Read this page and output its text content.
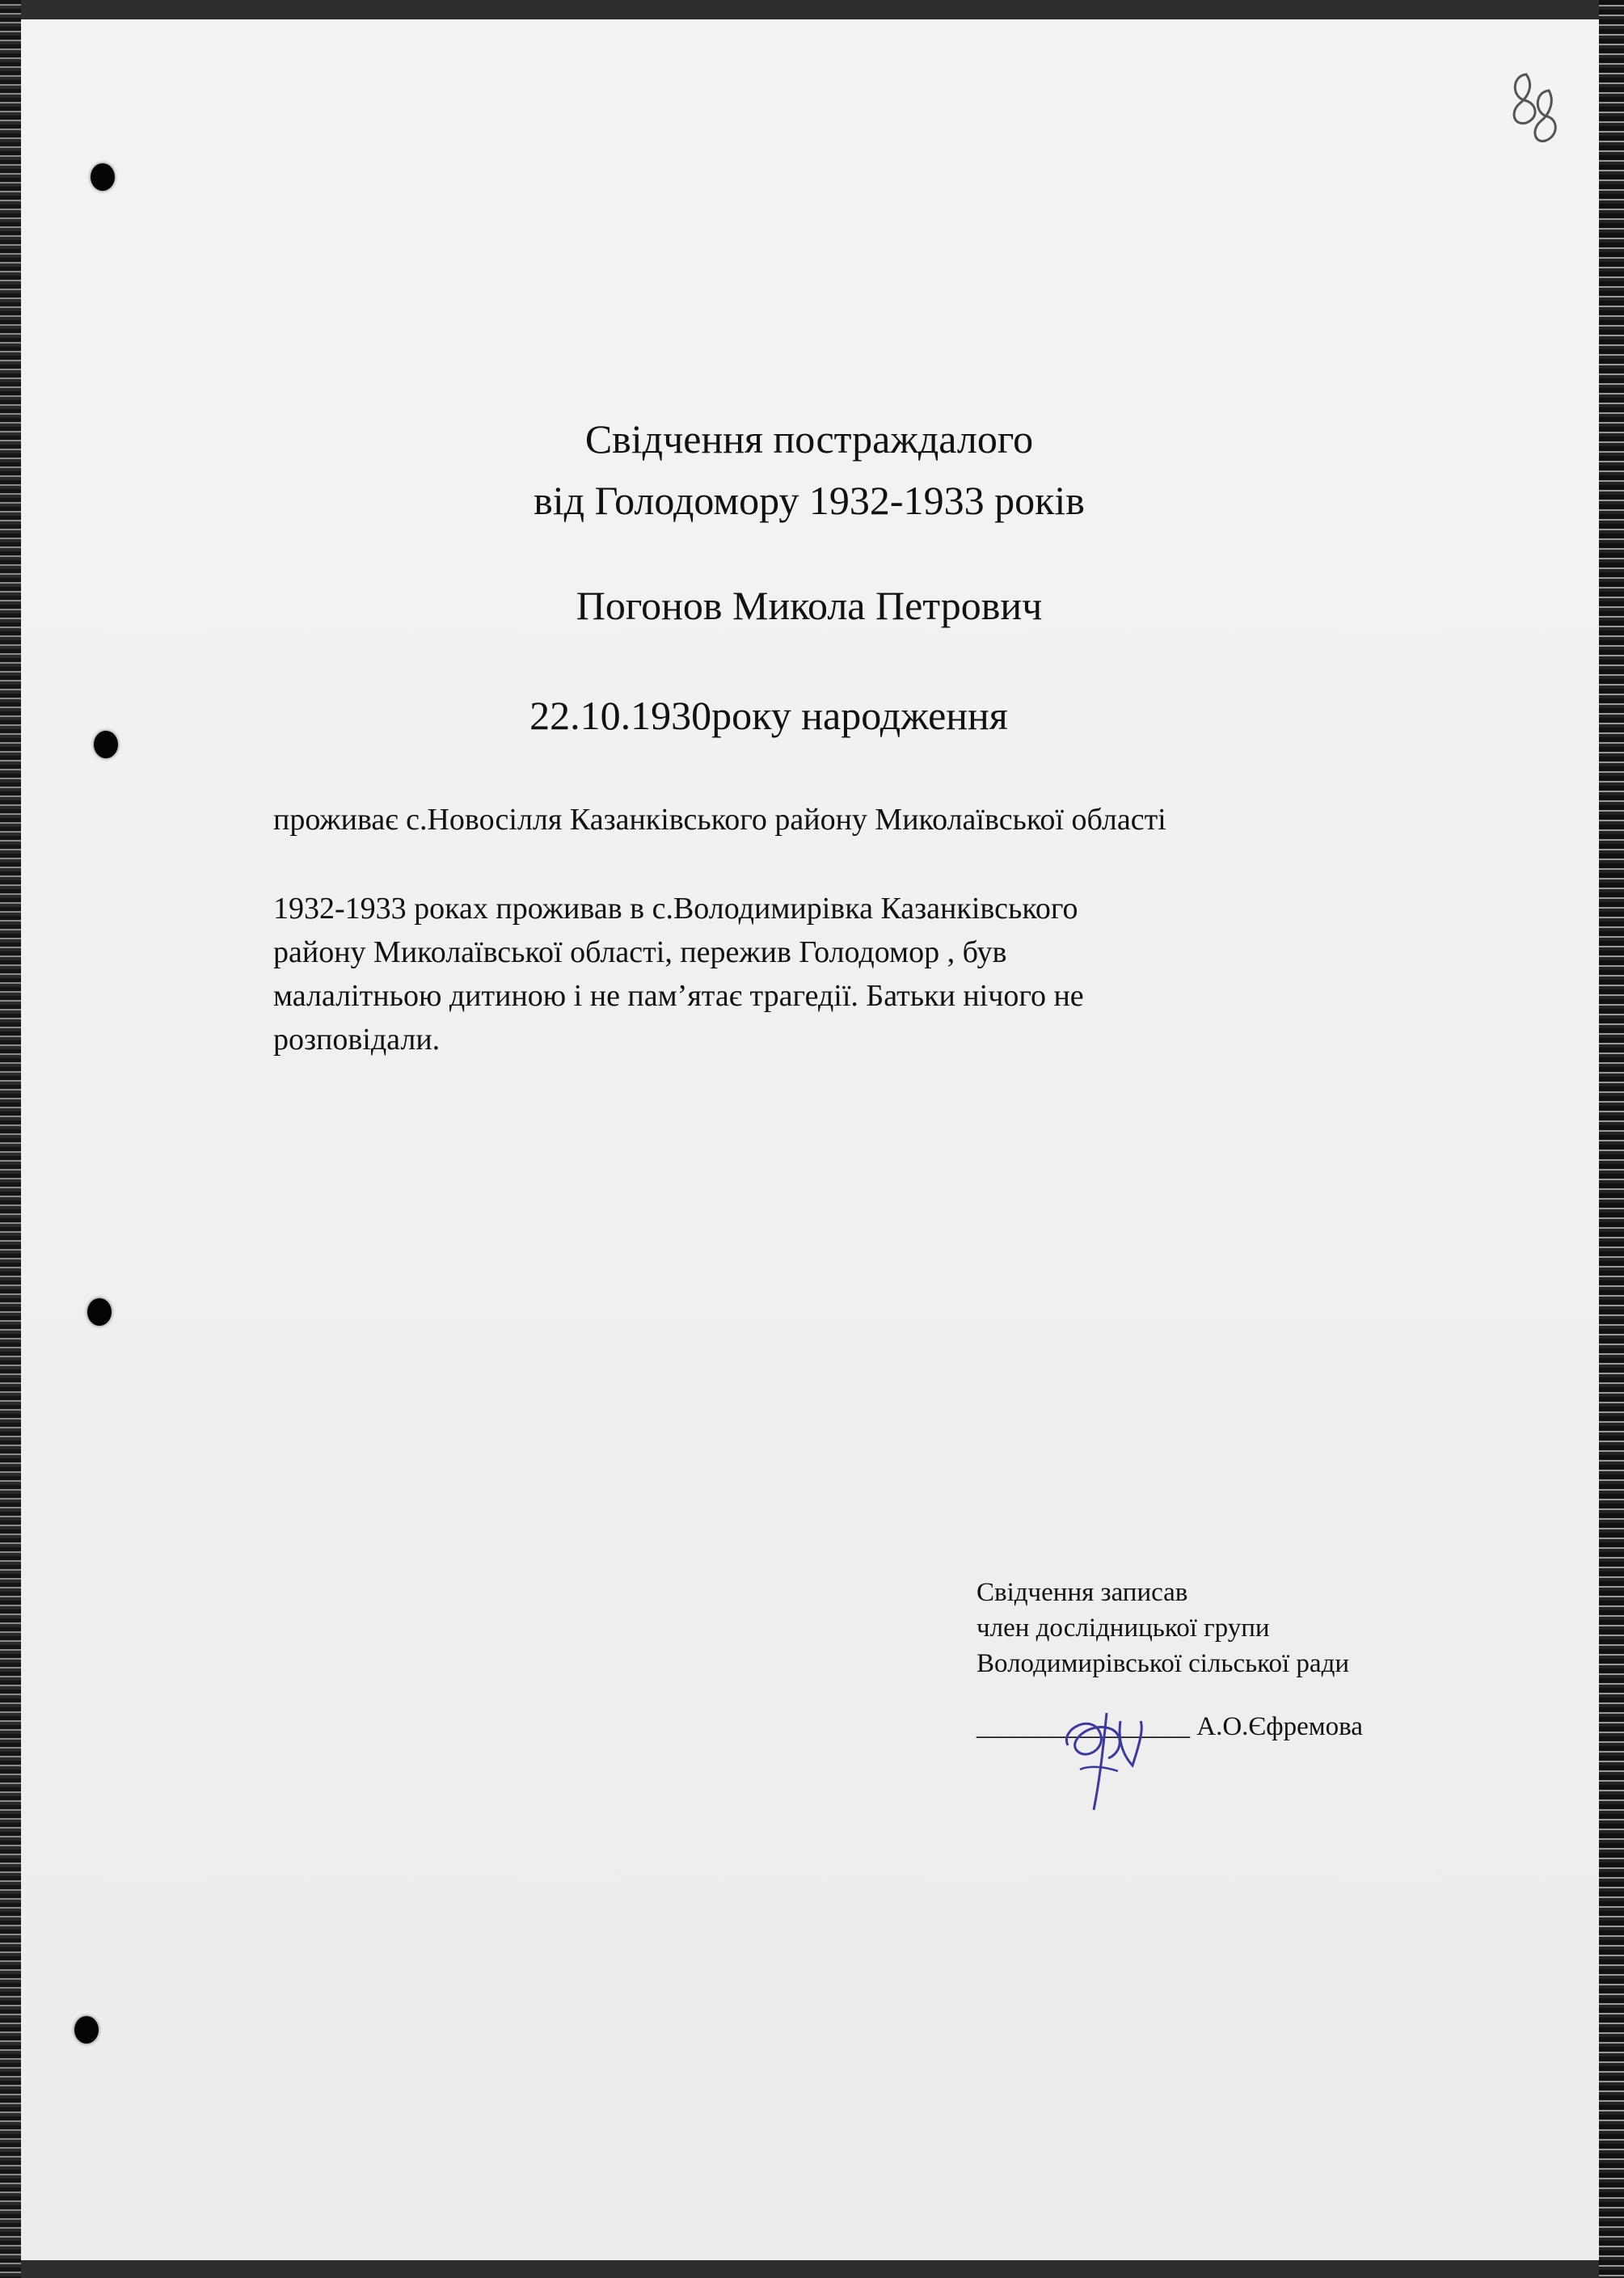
Свідчення постраждалого
від Голодомору 1932-1933 років
Погонов Микола Петрович
22.10.1930року народження
проживає с.Новосілля Казанківського району Миколаївської області
1932-1933 роках проживав в с.Володимирівка Казанківського
району Миколаївської області, пережив Голодомор , був
малалітньою дитиною і не пам’ятає трагедії. Батьки нічого не
розповідали.
Свідчення записав
член дослідницької групи
Володимирівської сільської ради
________________ А.О.Єфремова
